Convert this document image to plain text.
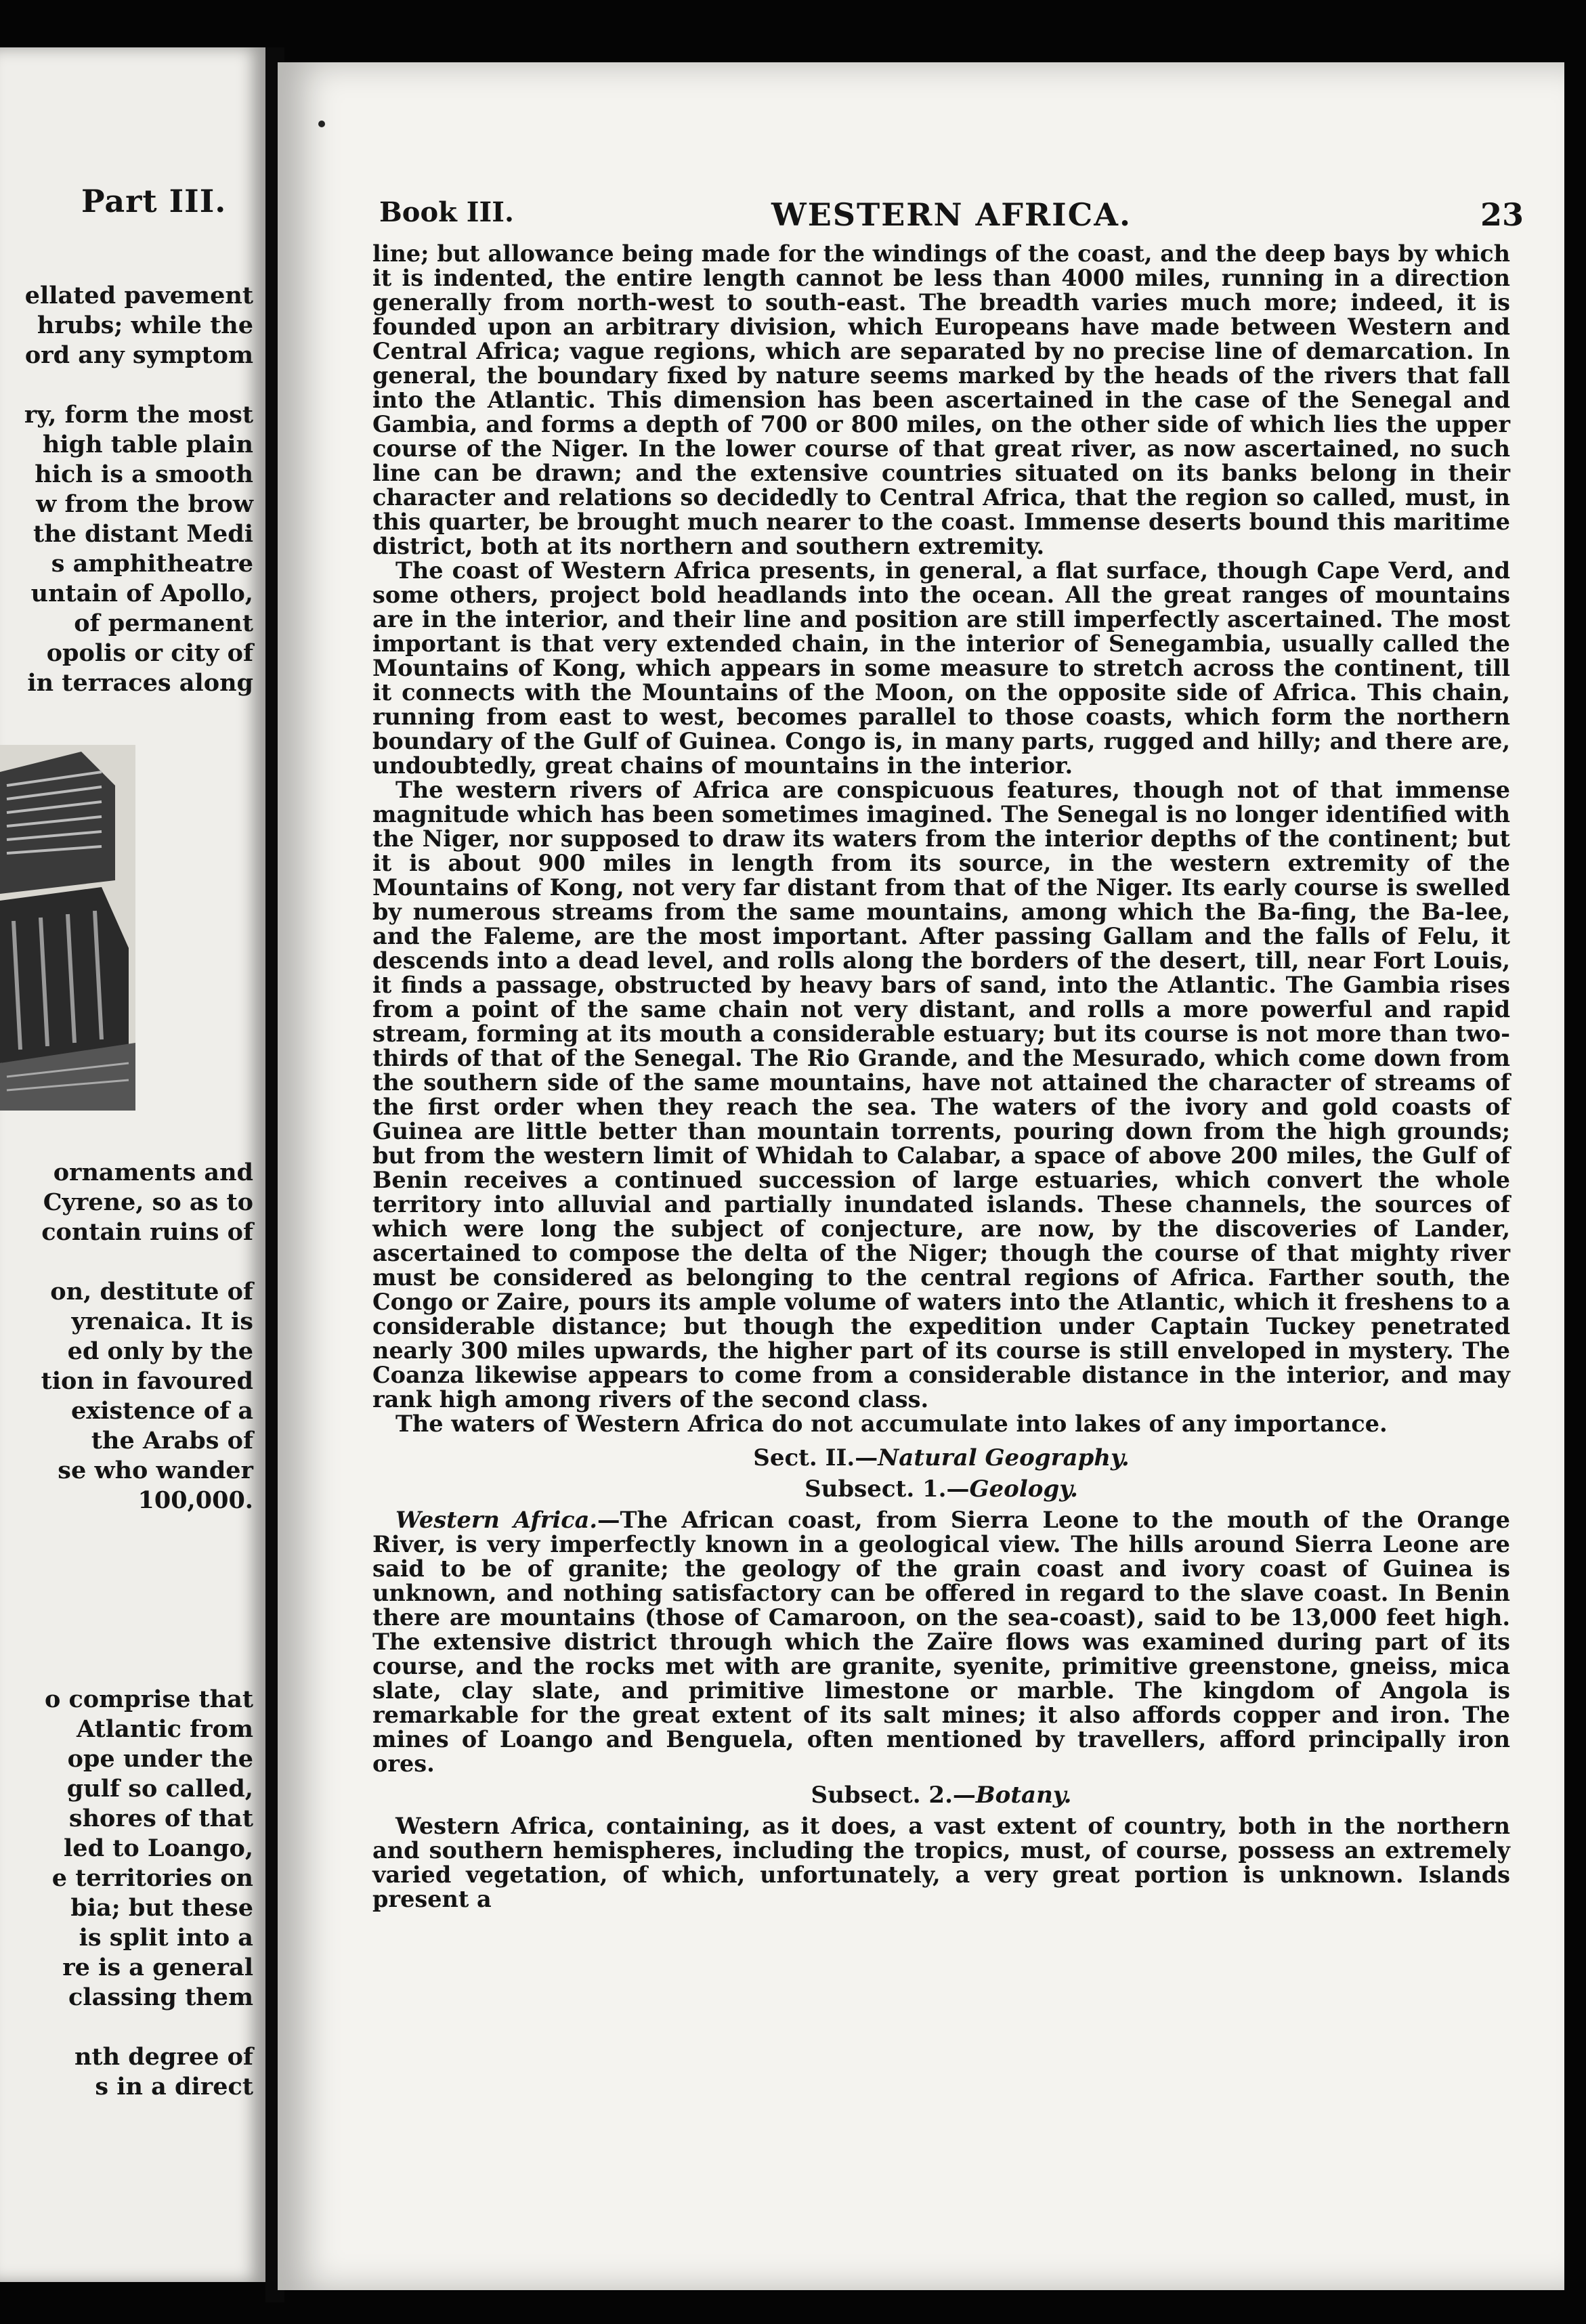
Part III.
ellated pavement
hrubs; while the
ord any symptom

ry, form the most
high table plain
hich is a smooth
w from the brow
the distant Medi
s amphitheatre
untain of Apollo,
of permanent
opolis or city of
in terraces along
ornaments and
Cyrene, so as to
contain ruins of

on, destitute of
yrenaica. It is
ed only by the
tion in favoured
existence of a
the Arabs of
se who wander
100,000.
o comprise that
Atlantic from
ope under the
gulf so called,
shores of that
led to Loango,
e territories on
bia; but these
is split into a
re is a general
classing them

nth degree of
s in a direct
Book III.	WESTERN AFRICA.	23

line; but allowance being made for the windings of the coast, and the deep bays by which it is indented, the entire length cannot be less than 4000 miles, running in a direction generally from north-west to south-east. The breadth varies much more; indeed, it is founded upon an arbitrary division, which Europeans have made between Western and Central Africa; vague regions, which are separated by no precise line of demarcation. In general, the boundary fixed by nature seems marked by the heads of the rivers that fall into the Atlantic. This dimension has been ascertained in the case of the Senegal and Gambia, and forms a depth of 700 or 800 miles, on the other side of which lies the upper course of the Niger. In the lower course of that great river, as now ascertained, no such line can be drawn; and the extensive countries situated on its banks belong in their character and relations so decidedly to Central Africa, that the region so called, must, in this quarter, be brought much nearer to the coast. Immense deserts bound this maritime district, both at its northern and southern extremity.

The coast of Western Africa presents, in general, a flat surface, though Cape Verd, and some others, project bold headlands into the ocean. All the great ranges of mountains are in the interior, and their line and position are still imperfectly ascertained. The most important is that very extended chain, in the interior of Senegambia, usually called the Mountains of Kong, which appears in some measure to stretch across the continent, till it connects with the Mountains of the Moon, on the opposite side of Africa. This chain, running from east to west, becomes parallel to those coasts, which form the northern boundary of the Gulf of Guinea. Congo is, in many parts, rugged and hilly; and there are, undoubtedly, great chains of mountains in the interior.

The western rivers of Africa are conspicuous features, though not of that immense magnitude which has been sometimes imagined. The Senegal is no longer identified with the Niger, nor supposed to draw its waters from the interior depths of the continent; but it is about 900 miles in length from its source, in the western extremity of the Mountains of Kong, not very far distant from that of the Niger. Its early course is swelled by numerous streams from the same mountains, among which the Ba-fing, the Ba-lee, and the Faleme, are the most important. After passing Gallam and the falls of Felu, it descends into a dead level, and rolls along the borders of the desert, till, near Fort Louis, it finds a passage, obstructed by heavy bars of sand, into the Atlantic. The Gambia rises from a point of the same chain not very distant, and rolls a more powerful and rapid stream, forming at its mouth a considerable estuary; but its course is not more than two-thirds of that of the Senegal. The Rio Grande, and the Mesurado, which come down from the southern side of the same mountains, have not attained the character of streams of the first order when they reach the sea. The waters of the ivory and gold coasts of Guinea are little better than mountain torrents, pouring down from the high grounds; but from the western limit of Whidah to Calabar, a space of above 200 miles, the Gulf of Benin receives a continued succession of large estuaries, which convert the whole territory into alluvial and partially inundated islands. These channels, the sources of which were long the subject of conjecture, are now, by the discoveries of Lander, ascertained to compose the delta of the Niger; though the course of that mighty river must be considered as belonging to the central regions of Africa. Farther south, the Congo or Zaire, pours its ample volume of waters into the Atlantic, which it freshens to a considerable distance; but though the expedition under Captain Tuckey penetrated nearly 300 miles upwards, the higher part of its course is still enveloped in mystery. The Coanza likewise appears to come from a considerable distance in the interior, and may rank high among rivers of the second class.

The waters of Western Africa do not accumulate into lakes of any importance.

Sect. II.—Natural Geography.
Subsect. 1.—Geology.

Western Africa.—The African coast, from Sierra Leone to the mouth of the Orange River, is very imperfectly known in a geological view. The hills around Sierra Leone are said to be of granite; the geology of the grain coast and ivory coast of Guinea is unknown, and nothing satisfactory can be offered in regard to the slave coast. In Benin there are mountains (those of Camaroon, on the sea-coast), said to be 13,000 feet high. The extensive district through which the Zaïre flows was examined during part of its course, and the rocks met with are granite, syenite, primitive greenstone, gneiss, mica slate, clay slate, and primitive limestone or marble. The kingdom of Angola is remarkable for the great extent of its salt mines; it also affords copper and iron. The mines of Loango and Benguela, often mentioned by travellers, afford principally iron ores.

Subsect. 2.—Botany.

Western Africa, containing, as it does, a vast extent of country, both in the northern and southern hemispheres, including the tropics, must, of course, possess an extremely varied vegetation, of which, unfortunately, a very great portion is unknown. Islands present a
